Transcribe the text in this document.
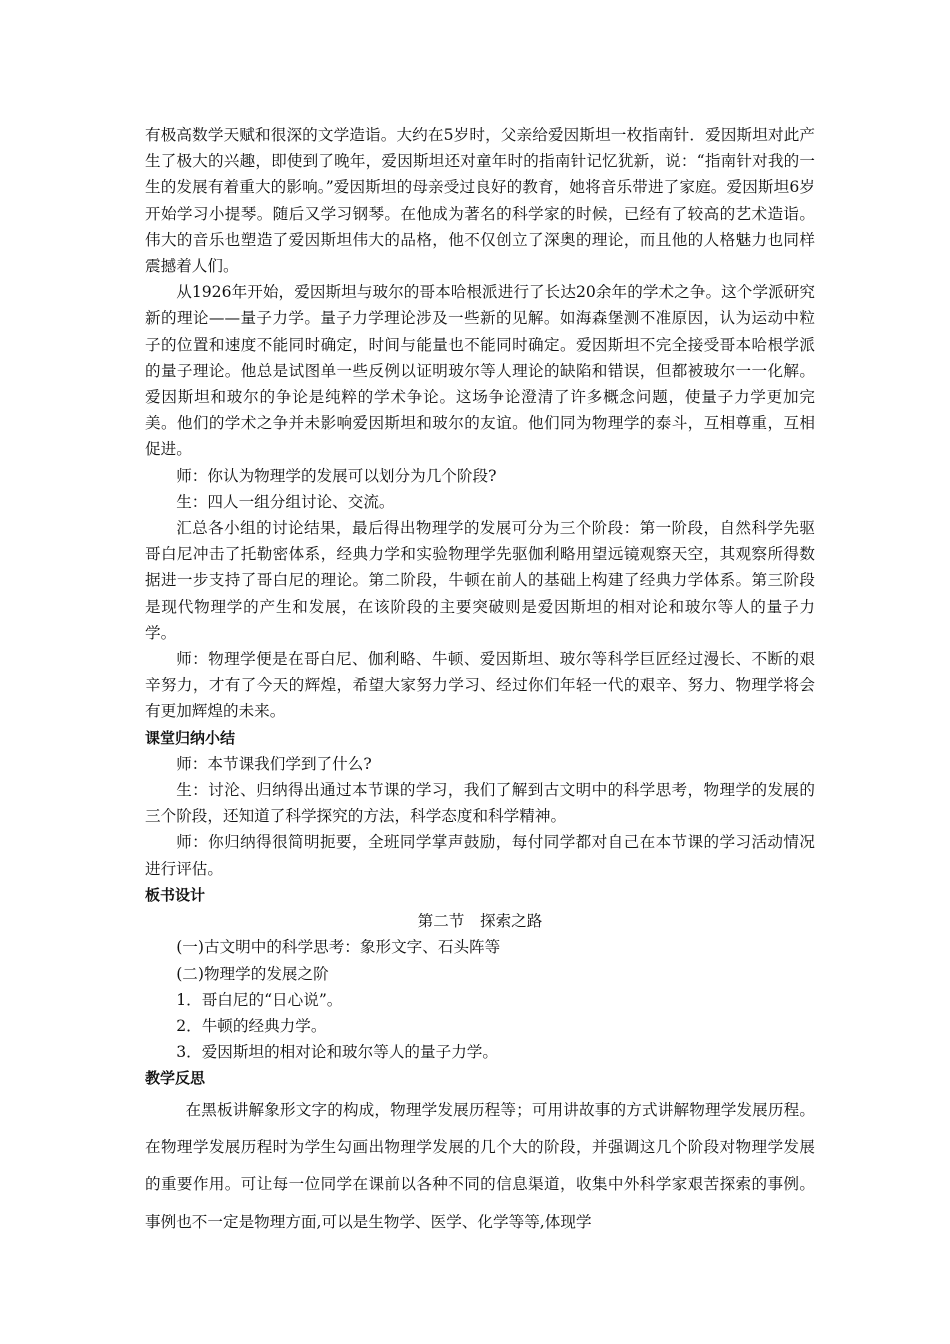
有极高数学天赋和很深的文学造诣。大约在5岁时，父亲给爱因斯坦一枚指南针．爱因斯坦对此产生了极大的兴趣，即使到了晚年，爱因斯坦还对童年时的指南针记忆犹新，说：“指南针对我的一生的发展有着重大的影响。”爱因斯坦的母亲受过良好的教育，她将音乐带进了家庭。爱因斯坦6岁开始学习小提琴。随后又学习钢琴。在他成为著名的科学家的时候，已经有了较高的艺术造诣。伟大的音乐也塑造了爱因斯坦伟大的品格，他不仅创立了深奥的理论，而且他的人格魅力也同样震撼着人们。

从1926年开始，爱因斯坦与玻尔的哥本哈根派进行了长达20余年的学术之争。这个学派研究新的理论——量子力学。量子力学理论涉及一些新的见解。如海森堡测不准原因，认为运动中粒子的位置和速度不能同时确定，时间与能量也不能同时确定。爱因斯坦不完全接受哥本哈根学派的量子理论。他总是试图单一些反例以证明玻尔等人理论的缺陷和错误，但都被玻尔一一化解。爱因斯坦和玻尔的争论是纯粹的学术争论。这场争论澄清了许多概念问题，使量子力学更加完美。他们的学术之争并未影响爱因斯坦和玻尔的友谊。他们同为物理学的泰斗，互相尊重，互相促进。

师：你认为物理学的发展可以划分为几个阶段?

生：四人一组分组讨论、交流。

汇总各小组的讨论结果，最后得出物理学的发展可分为三个阶段：第一阶段，自然科学先驱哥白尼冲击了托勒密体系，经典力学和实验物理学先驱伽利略用望远镜观察天空，其观察所得数据进一步支持了哥白尼的理论。第二阶段，牛顿在前人的基础上构建了经典力学体系。第三阶段是现代物理学的产生和发展，在该阶段的主要突破则是爱因斯坦的相对论和玻尔等人的量子力学。

师：物理学便是在哥白尼、伽利略、牛顿、爱因斯坦、玻尔等科学巨匠经过漫长、不断的艰辛努力，才有了今天的辉煌，希望大家努力学习、经过你们年轻一代的艰辛、努力、物理学将会有更加辉煌的未来。

课堂归纳小结

师：本节课我们学到了什么?

生：讨沦、归纳得出通过本节课的学习，我们了解到古文明中的科学思考，物理学的发展的三个阶段，还知道了科学探究的方法，科学态度和科学精神。

师：你归纳得很简明扼要，全班同学掌声鼓励，每付同学都对自己在本节课的学习活动情况进行评估。

板书设计

第二节　探索之路

(一)古文明中的科学思考：象形文字、石头阵等

(二)物理学的发展之阶

1．哥白尼的“日心说”。

2．牛顿的经典力学。

3．爱因斯坦的相对论和玻尔等人的量子力学。

教学反思

在黑板讲解象形文字的构成，物理学发展历程等；可用讲故事的方式讲解物理学发展历程。在物理学发展历程时为学生勾画出物理学发展的几个大的阶段，并强调这几个阶段对物理学发展的重要作用。可让每一位同学在课前以各种不同的信息渠道，收集中外科学家艰苦探索的事例。事例也不一定是物理方面,可以是生物学、医学、化学等等,体现学
